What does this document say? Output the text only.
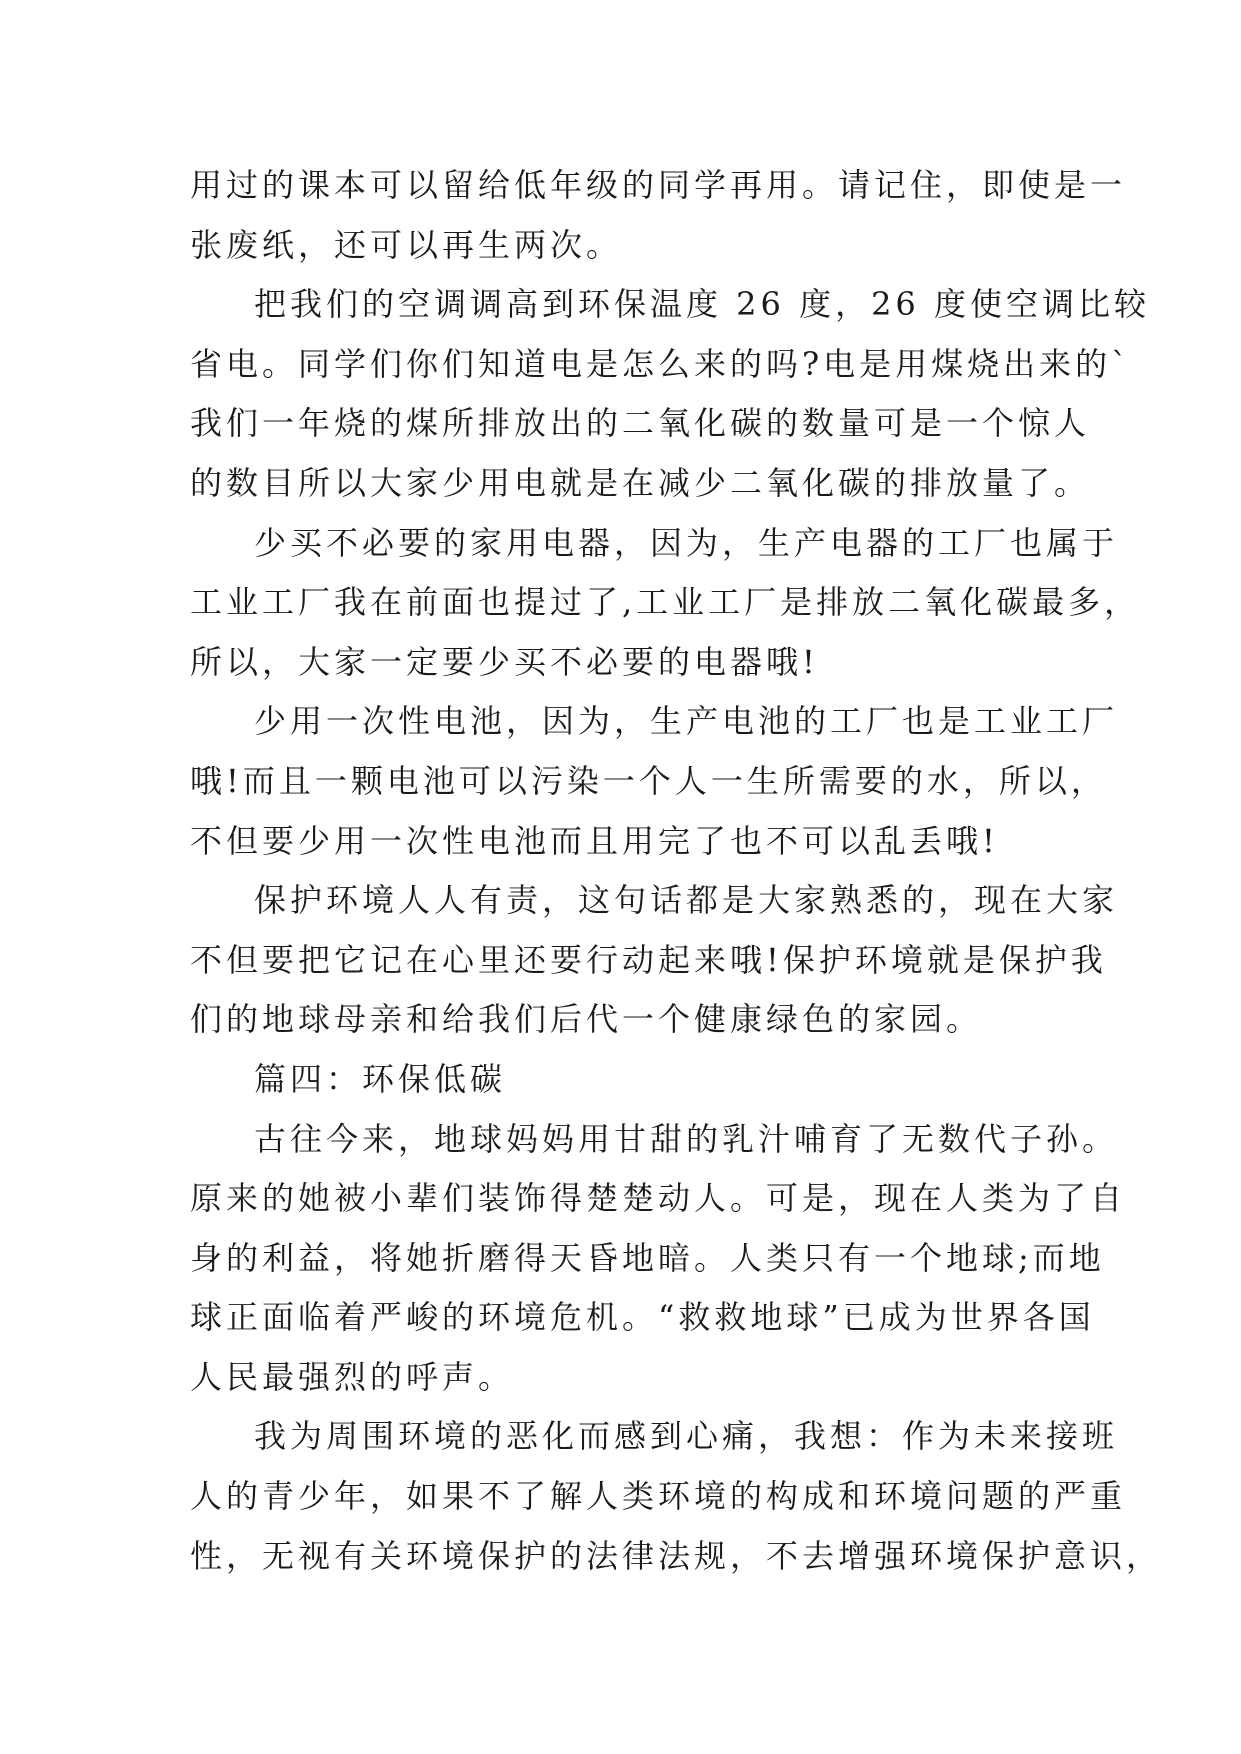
用过的课本可以留给低年级的同学再用。请记住，即使是一
张废纸，还可以再生两次。
把我们的空调调高到环保温度 26 度，26 度使空调比较
省电。同学们你们知道电是怎么来的吗?电是用煤烧出来的`
我们一年烧的煤所排放出的二氧化碳的数量可是一个惊人
的数目所以大家少用电就是在减少二氧化碳的排放量了。
少买不必要的家用电器，因为，生产电器的工厂也属于
工业工厂我在前面也提过了,工业工厂是排放二氧化碳最多，
所以，大家一定要少买不必要的电器哦!
少用一次性电池，因为，生产电池的工厂也是工业工厂
哦!而且一颗电池可以污染一个人一生所需要的水，所以，
不但要少用一次性电池而且用完了也不可以乱丢哦!
保护环境人人有责，这句话都是大家熟悉的，现在大家
不但要把它记在心里还要行动起来哦!保护环境就是保护我
们的地球母亲和给我们后代一个健康绿色的家园。
篇四：环保低碳
古往今来，地球妈妈用甘甜的乳汁哺育了无数代子孙。
原来的她被小辈们装饰得楚楚动人。可是，现在人类为了自
身的利益，将她折磨得天昏地暗。人类只有一个地球;而地
球正面临着严峻的环境危机。“救救地球”已成为世界各国
人民最强烈的呼声。
我为周围环境的恶化而感到心痛，我想：作为未来接班
人的青少年，如果不了解人类环境的构成和环境问题的严重
性，无视有关环境保护的法律法规，不去增强环境保护意识，
